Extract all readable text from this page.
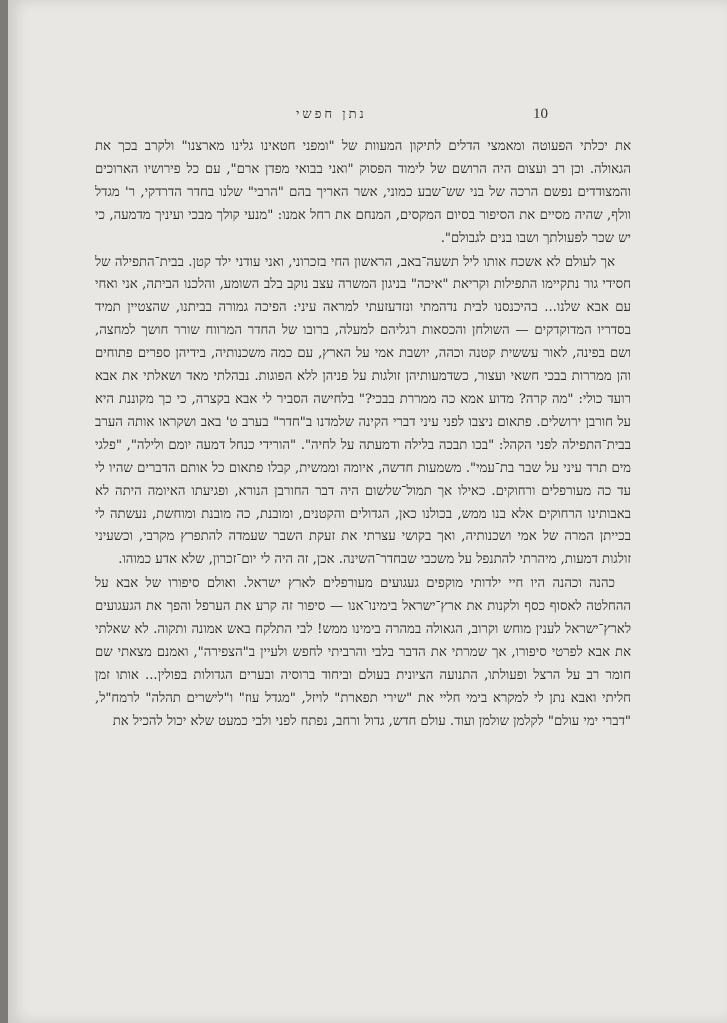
נתן חפשי	10

את יכלתי הפעוטה ומאמצי הדלים לתיקון המעוות של "ומפני חטאינו גלינו מארצנו" ולקרב בכך את הגאולה. וכן רב ועצום היה הרושם של לימוד הפסוק "ואני בבואי מפדן ארם", עם כל פירושיו הארוכים והמצודדים נפשם הרכה של בני שש־שבע כמוני, אשר האריך בהם "הרבי" שלנו בחדר הדרדקי, ר' מגדל וולף, שהיה מסיים את הסיפור בסיום המקסים, המנחם את רחל אמנו: "מנעי קולך מבכי ועיניך מדמעה, כי יש שכר לפעולתך ושבו בנים לגבולם".

אך לעולם לא אשכח אותו ליל תשעה־באב, הראשון החי בזכרוני, ואני עודני ילד קטן. בבית־התפילה של חסידי גור נתקיימו התפילות וקריאת "איכה" בניגון המשרה עצב נוקב בלב השומע, והלכנו הביתה, אני ואחי עם אבא שלנו... בהיכנסנו לבית נדהמתי ונזדעזעתי למראה עיני: הפיכה גמורה בביתנו, שהצטיין תמיד בסדריו המדוקדקים — השולחן והכסאות רגליהם למעלה, ברובו של החדר המרווח שורר חושך למחצה, ושם בפינה, לאור עששית קטנה וכהה, יושבת אמי על הארץ, עם כמה משכנותיה, בידיהן ספרים פתוחים והן ממררות בבכי חשאי ועצור, כשדמעותיהן זולגות על פניהן ללא הפוגות. נבהלתי מאד ושאלתי את אבא רועד כולי: "מה קרה? מדוע אמא כה ממררת בבכי?" בלחישה הסביר לי אבא בקצרה, כי כך מקוננת היא על חורבן ירושלים. פתאום ניצבו לפני עיני דברי הקינה שלמדנו ב"חדר" בערב ט' באב ושקראו אותה הערב בבית־התפילה לפני הקהל: "בכו תבכה בלילה ודמעתה על לחיה". "הורידי כנחל דמעה יומם ולילה", "פלגי מים תרד עיני על שבר בת־עמי". משמעות חדשה, איומה וממשית, קבלו פתאום כל אותם הדברים שהיו לי עד כה מעורפלים ורחוקים. כאילו אך תמול־שלשום היה דבר החורבן הנורא, ופגיעתו האיומה היתה לא באבותינו הרחוקים אלא בנו ממש, בכולנו כאן, הגדולים והקטנים, ומובנת, כה מובנת ומוחשת, נעשתה לי בכייתן המרה של אמי ושכנותיה, ואך בקושי עצרתי את זעקת השבר שעמדה להתפרץ מקרבי, וכשעיני זולגות דמעות, מיהרתי להתנפל על משכבי שבחדר־השינה. אכן, זה היה לי יום־זכרון, שלא אדע כמוהו.

כהנה וכהנה היו חיי ילדותי מוקפים געגועים מעורפלים לארץ ישראל. ואולם סיפורו של אבא על ההחלטה לאסוף כסף ולקנות את ארץ־ישראל בימינו־אנו — סיפור זה קרע את הערפל והפך את הגעגועים לארץ־ישראל לענין מוחש וקרוב, הגאולה במהרה בימינו ממש! לבי התלקח באש אמונה ותקוה. לא שאלתי את אבא לפרטי סיפורו, אך שמרתי את הדבר בלבי והרביתי לחפש ולעיין ב"הצפירה", ואמנם מצאתי שם חומר רב על הרצל ופעולתו, התנועה הציונית בעולם וביחוד ברוסיה ובערים הגדולות בפולין... אותו זמן חליתי ואבא נתן לי למקרא בימי חליי את "שירי תפארת" לויזל, "מגדל עוז" ו"לישרים תהלה" לרמח"ל, "דברי ימי עולם" לקלמן שולמן ועוד. עולם חדש, גדול ורחב, נפתח לפני ולבי כמעט שלא יכול להכיל את
